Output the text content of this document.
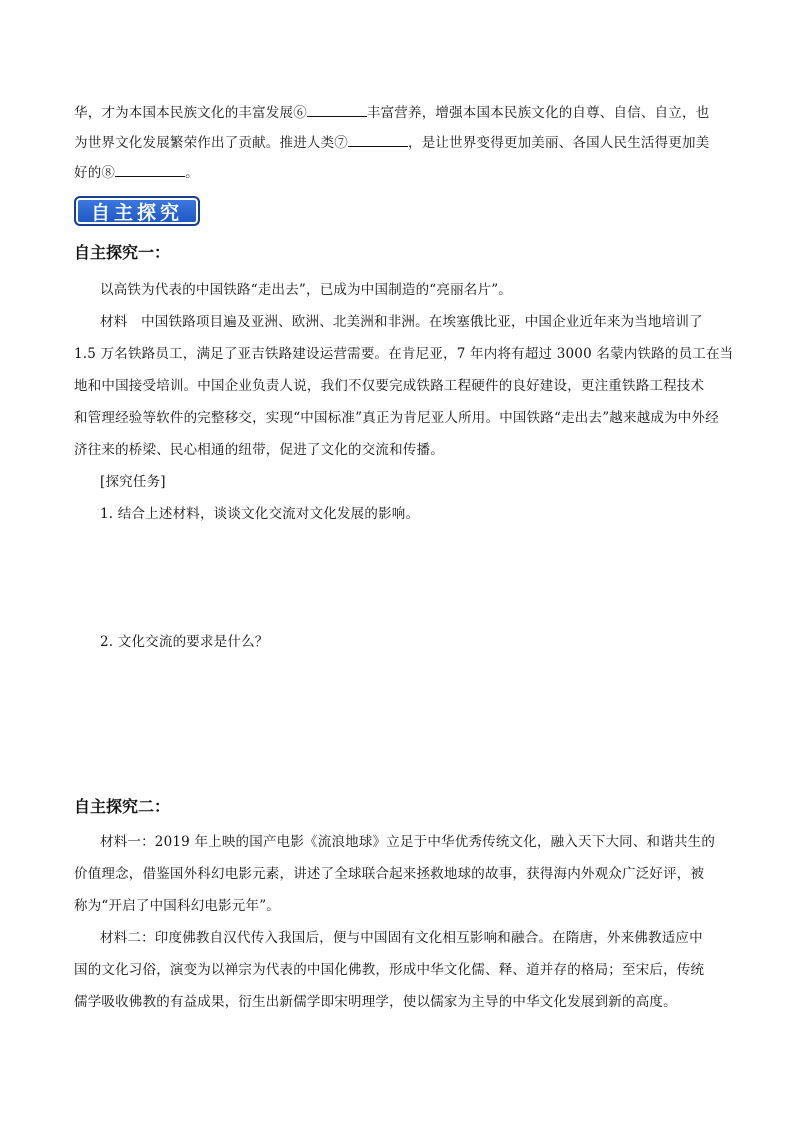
华，才为本国本民族文化的丰富发展⑥	丰富营养，增强本国本民族文化的自尊、自信、自立，也
为世界文化发展繁荣作出了贡献。推进人类⑦	，是让世界变得更加美丽、各国人民生活得更加美
好的⑧	。
自主探究
自主探究一：
以高铁为代表的中国铁路“走出去”，已成为中国制造的“亮丽名片”。
材料　中国铁路项目遍及亚洲、欧洲、北美洲和非洲。在埃塞俄比亚，中国企业近年来为当地培训了
1.5 万名铁路员工，满足了亚吉铁路建设运营需要。在肯尼亚，7 年内将有超过 3000 名蒙内铁路的员工在当
地和中国接受培训。中国企业负责人说，我们不仅要完成铁路工程硬件的良好建设，更注重铁路工程技术
和管理经验等软件的完整移交，实现“中国标准”真正为肯尼亚人所用。中国铁路“走出去”越来越成为中外经
济往来的桥梁、民心相通的纽带，促进了文化的交流和传播。
[探究任务]
1. 结合上述材料，谈谈文化交流对文化发展的影响。
2. 文化交流的要求是什么？
自主探究二：
材料一：2019 年上映的国产电影《流浪地球》立足于中华优秀传统文化，融入天下大同、和谐共生的
价值理念，借鉴国外科幻电影元素，讲述了全球联合起来拯救地球的故事，获得海内外观众广泛好评，被
称为“开启了中国科幻电影元年”。
材料二：印度佛教自汉代传入我国后，便与中国固有文化相互影响和融合。在隋唐，外来佛教适应中
国的文化习俗，演变为以禅宗为代表的中国化佛教，形成中华文化儒、释、道并存的格局；至宋后，传统
儒学吸收佛教的有益成果，衍生出新儒学即宋明理学，使以儒家为主导的中华文化发展到新的高度。
